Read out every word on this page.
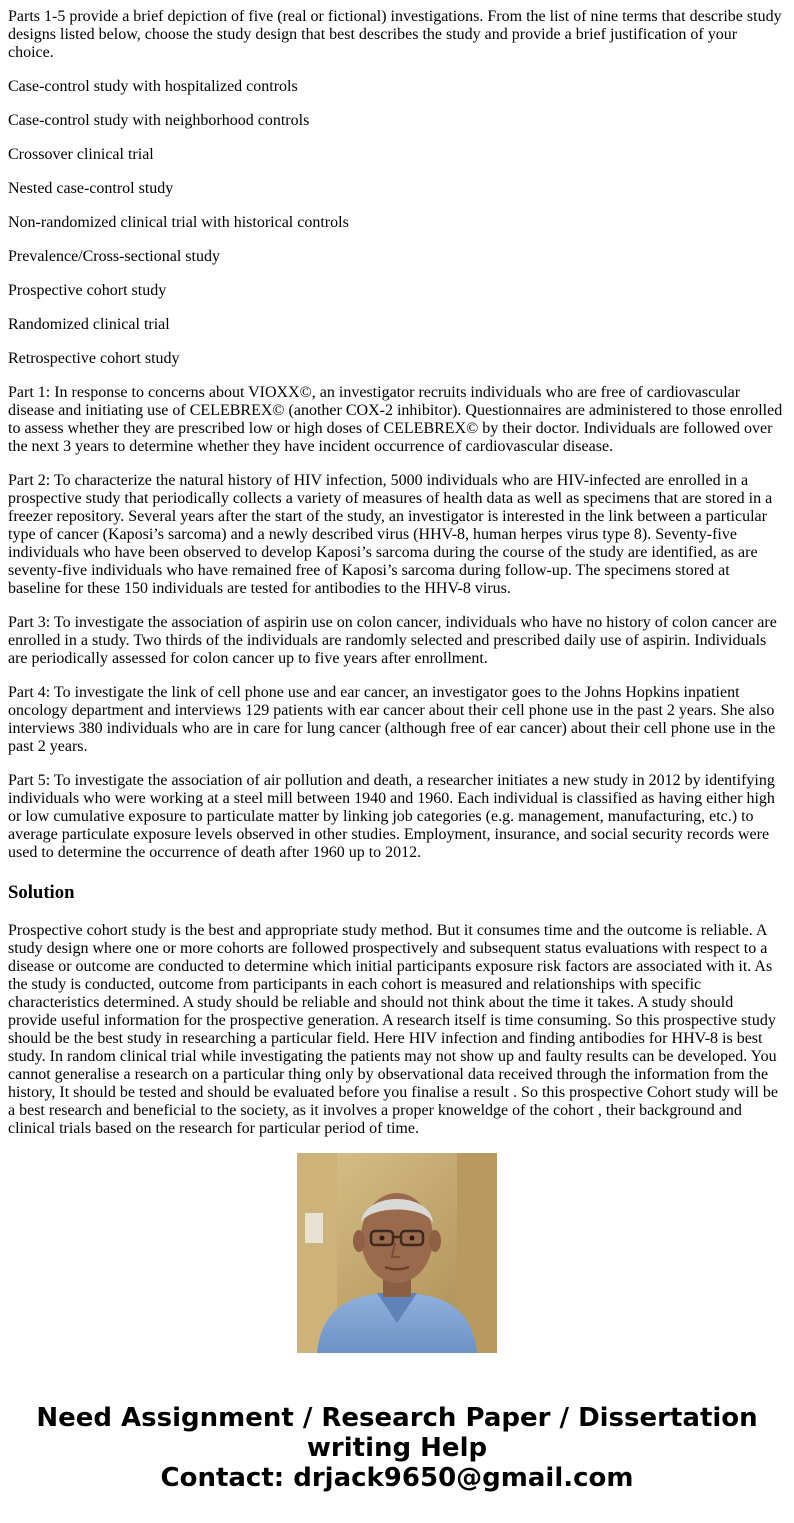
Parts 1-5 provide a brief depiction of five (real or fictional) investigations. From the list of nine terms that describe study designs listed below, choose the study design that best describes the study and provide a brief justification of your choice.

Case-control study with hospitalized controls

Case-control study with neighborhood controls

Crossover clinical trial

Nested case-control study

Non-randomized clinical trial with historical controls

Prevalence/Cross-sectional study

Prospective cohort study

Randomized clinical trial

Retrospective cohort study

Part 1: In response to concerns about VIOXX©, an investigator recruits individuals who are free of cardiovascular disease and initiating use of CELEBREX© (another COX-2 inhibitor). Questionnaires are administered to those enrolled to assess whether they are prescribed low or high doses of CELEBREX© by their doctor. Individuals are followed over the next 3 years to determine whether they have incident occurrence of cardiovascular disease.

Part 2: To characterize the natural history of HIV infection, 5000 individuals who are HIV-infected are enrolled in a prospective study that periodically collects a variety of measures of health data as well as specimens that are stored in a freezer repository. Several years after the start of the study, an investigator is interested in the link between a particular type of cancer (Kaposi’s sarcoma) and a newly described virus (HHV-8, human herpes virus type 8). Seventy-five individuals who have been observed to develop Kaposi’s sarcoma during the course of the study are identified, as are seventy-five individuals who have remained free of Kaposi’s sarcoma during follow-up. The specimens stored at baseline for these 150 individuals are tested for antibodies to the HHV-8 virus.

Part 3: To investigate the association of aspirin use on colon cancer, individuals who have no history of colon cancer are enrolled in a study. Two thirds of the individuals are randomly selected and prescribed daily use of aspirin. Individuals are periodically assessed for colon cancer up to five years after enrollment.

Part 4: To investigate the link of cell phone use and ear cancer, an investigator goes to the Johns Hopkins inpatient oncology department and interviews 129 patients with ear cancer about their cell phone use in the past 2 years. She also interviews 380 individuals who are in care for lung cancer (although free of ear cancer) about their cell phone use in the past 2 years.

Part 5: To investigate the association of air pollution and death, a researcher initiates a new study in 2012 by identifying individuals who were working at a steel mill between 1940 and 1960. Each individual is classified as having either high or low cumulative exposure to particulate matter by linking job categories (e.g. management, manufacturing, etc.) to average particulate exposure levels observed in other studies. Employment, insurance, and social security records were used to determine the occurrence of death after 1960 up to 2012.

Solution

Prospective cohort study is the best and appropriate study method. But it consumes time and the outcome is reliable. A study design where one or more cohorts are followed prospectively and subsequent status evaluations with respect to a disease or outcome are conducted to determine which initial participants exposure risk factors are associated with it. As the study is conducted, outcome from participants in each cohort is measured and relationships with specific characteristics determined. A study should be reliable and should not think about the time it takes. A study should provide useful information for the prospective generation. A research itself is time consuming. So this prospective study should be the best study in researching a particular field. Here HIV infection and finding antibodies for HHV-8 is best study. In random clinical trial while investigating the patients may not show up and faulty results can be developed. You cannot generalise a research on a particular thing only by observational data received through the information from the history, It should be tested and should be evaluated before you finalise a result . So this prospective Cohort study will be a best research and beneficial to the society, as it involves a proper knoweldge of the cohort , their background and clinical trials based on the research for particular period of time.

Need Assignment / Research Paper / Dissertation
writing Help
Contact: drjack9650@gmail.com
